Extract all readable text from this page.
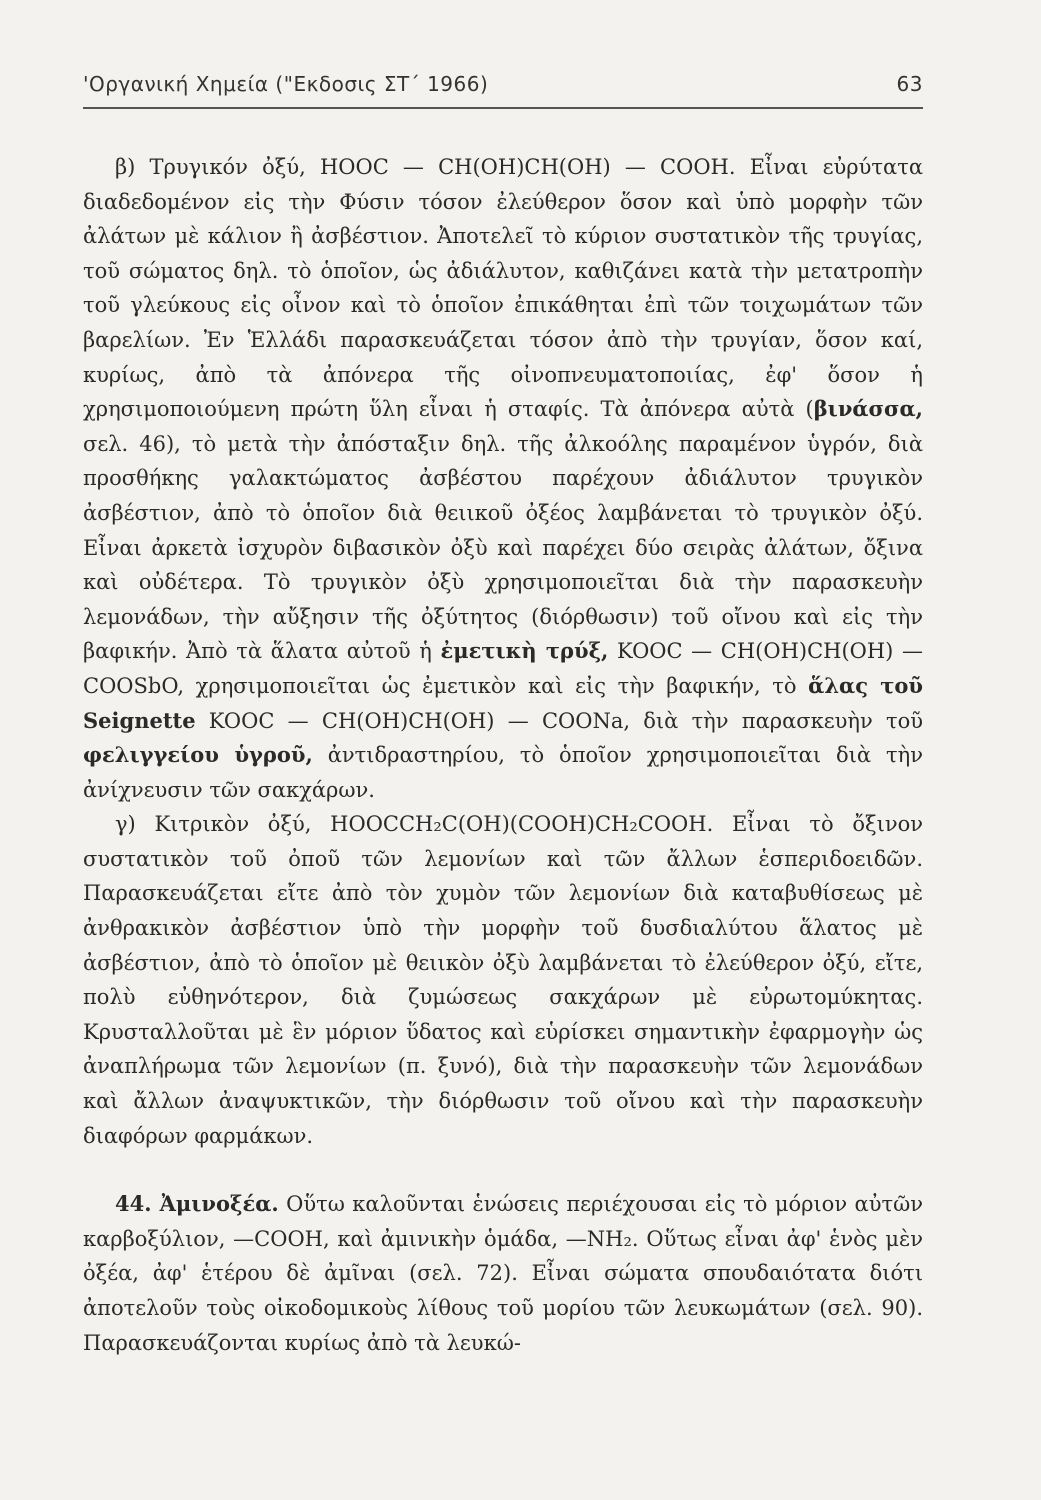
'Οργανική Χημεία ("Εκδοσις ΣΤ΄ 1966)	63

β) Τρυγικόν ὀξύ, HOOC — CH(OH)CH(OH) — COOH. Εἶναι εὐρύτατα διαδεδομένον εἰς τὴν Φύσιν τόσον ἐλεύθερον ὅσον καὶ ὑπὸ μορφὴν τῶν ἀλάτων μὲ κάλιον ἢ ἀσβέστιον. Ἀποτελεῖ τὸ κύριον συστατικὸν τῆς τρυγίας, τοῦ σώματος δηλ. τὸ ὁποῖον, ὡς ἀδιάλυτον, καθιζάνει κατὰ τὴν μετατροπὴν τοῦ γλεύκους εἰς οἶνον καὶ τὸ ὁποῖον ἐπικάθηται ἐπὶ τῶν τοιχωμάτων τῶν βαρελίων. Ἐν Ἑλλάδι παρασκευάζεται τόσον ἀπὸ τὴν τρυγίαν, ὅσον καί, κυρίως, ἀπὸ τὰ ἀπόνερα τῆς οἰνοπνευματοποιίας, ἐφ' ὅσον ἡ χρησιμοποιούμενη πρώτη ὕλη εἶναι ἡ σταφίς. Τὰ ἀπόνερα αὐτὰ (βινάσσα, σελ. 46), τὸ μετὰ τὴν ἀπόσταξιν δηλ. τῆς ἀλκοόλης παραμένον ὑγρόν, διὰ προσθήκης γαλακτώματος ἀσβέστου παρέχουν ἀδιάλυτον τρυγικὸν ἀσβέστιον, ἀπὸ τὸ ὁποῖον διὰ θειικοῦ ὀξέος λαμβάνεται τὸ τρυγικὸν ὀξύ. Εἶναι ἀρκετὰ ἰσχυρὸν διβασικὸν ὀξὺ καὶ παρέχει δύο σειρὰς ἀλάτων, ὄξινα καὶ οὐδέτερα. Τὸ τρυγικὸν ὀξὺ χρησιμοποιεῖται διὰ τὴν παρασκευὴν λεμονάδων, τὴν αὔξησιν τῆς ὀξύτητος (διόρθωσιν) τοῦ οἴνου καὶ εἰς τὴν βαφικήν. Ἀπὸ τὰ ἅλατα αὐτοῦ ἡ ἐμετικὴ τρύξ, KOOC — CH(OH)CH(OH) — COOSbO, χρησιμοποιεῖται ὡς ἐμετικὸν καὶ εἰς τὴν βαφικήν, τὸ ἅλας τοῦ Seignette KOOC — CH(OH)CH(OH) — COONa, διὰ τὴν παρασκευὴν τοῦ φελιγγείου ὑγροῦ, ἀντιδραστηρίου, τὸ ὁποῖον χρησιμοποιεῖται διὰ τὴν ἀνίχνευσιν τῶν σακχάρων.

γ) Κιτρικὸν ὀξύ, HOOCCH₂C(OH)(COOH)CH₂COOH. Εἶναι τὸ ὄξινον συστατικὸν τοῦ ὀποῦ τῶν λεμονίων καὶ τῶν ἄλλων ἑσπεριδοειδῶν. Παρασκευάζεται εἴτε ἀπὸ τὸν χυμὸν τῶν λεμονίων διὰ καταβυθίσεως μὲ ἀνθρακικὸν ἀσβέστιον ὑπὸ τὴν μορφὴν τοῦ δυσδιαλύτου ἅλατος μὲ ἀσβέστιον, ἀπὸ τὸ ὁποῖον μὲ θειικὸν ὀξὺ λαμβάνεται τὸ ἐλεύθερον ὀξύ, εἴτε, πολὺ εὐθηνότερον, διὰ ζυμώσεως σακχάρων μὲ εὐρωτομύκητας. Κρυσταλλοῦται μὲ ἓν μόριον ὕδατος καὶ εὑρίσκει σημαντικὴν ἐφαρμογὴν ὡς ἀναπλήρωμα τῶν λεμονίων (π. ξυνό), διὰ τὴν παρασκευὴν τῶν λεμονάδων καὶ ἄλλων ἀναψυκτικῶν, τὴν διόρθωσιν τοῦ οἴνου καὶ τὴν παρασκευὴν διαφόρων φαρμάκων.

44. Ἀμινοξέα. Οὕτω καλοῦνται ἑνώσεις περιέχουσαι εἰς τὸ μόριον αὐτῶν καρβοξύλιον, —COOH, καὶ ἀμινικὴν ὁμάδα, —NH₂. Οὕτως εἶναι ἀφ' ἑνὸς μὲν ὀξέα, ἀφ' ἑτέρου δὲ ἀμῖναι (σελ. 72). Εἶναι σώματα σπουδαιότατα διότι ἀποτελοῦν τοὺς οἰκοδομικοὺς λίθους τοῦ μορίου τῶν λευκωμάτων (σελ. 90). Παρασκευάζονται κυρίως ἀπὸ τὰ λευκώ-
